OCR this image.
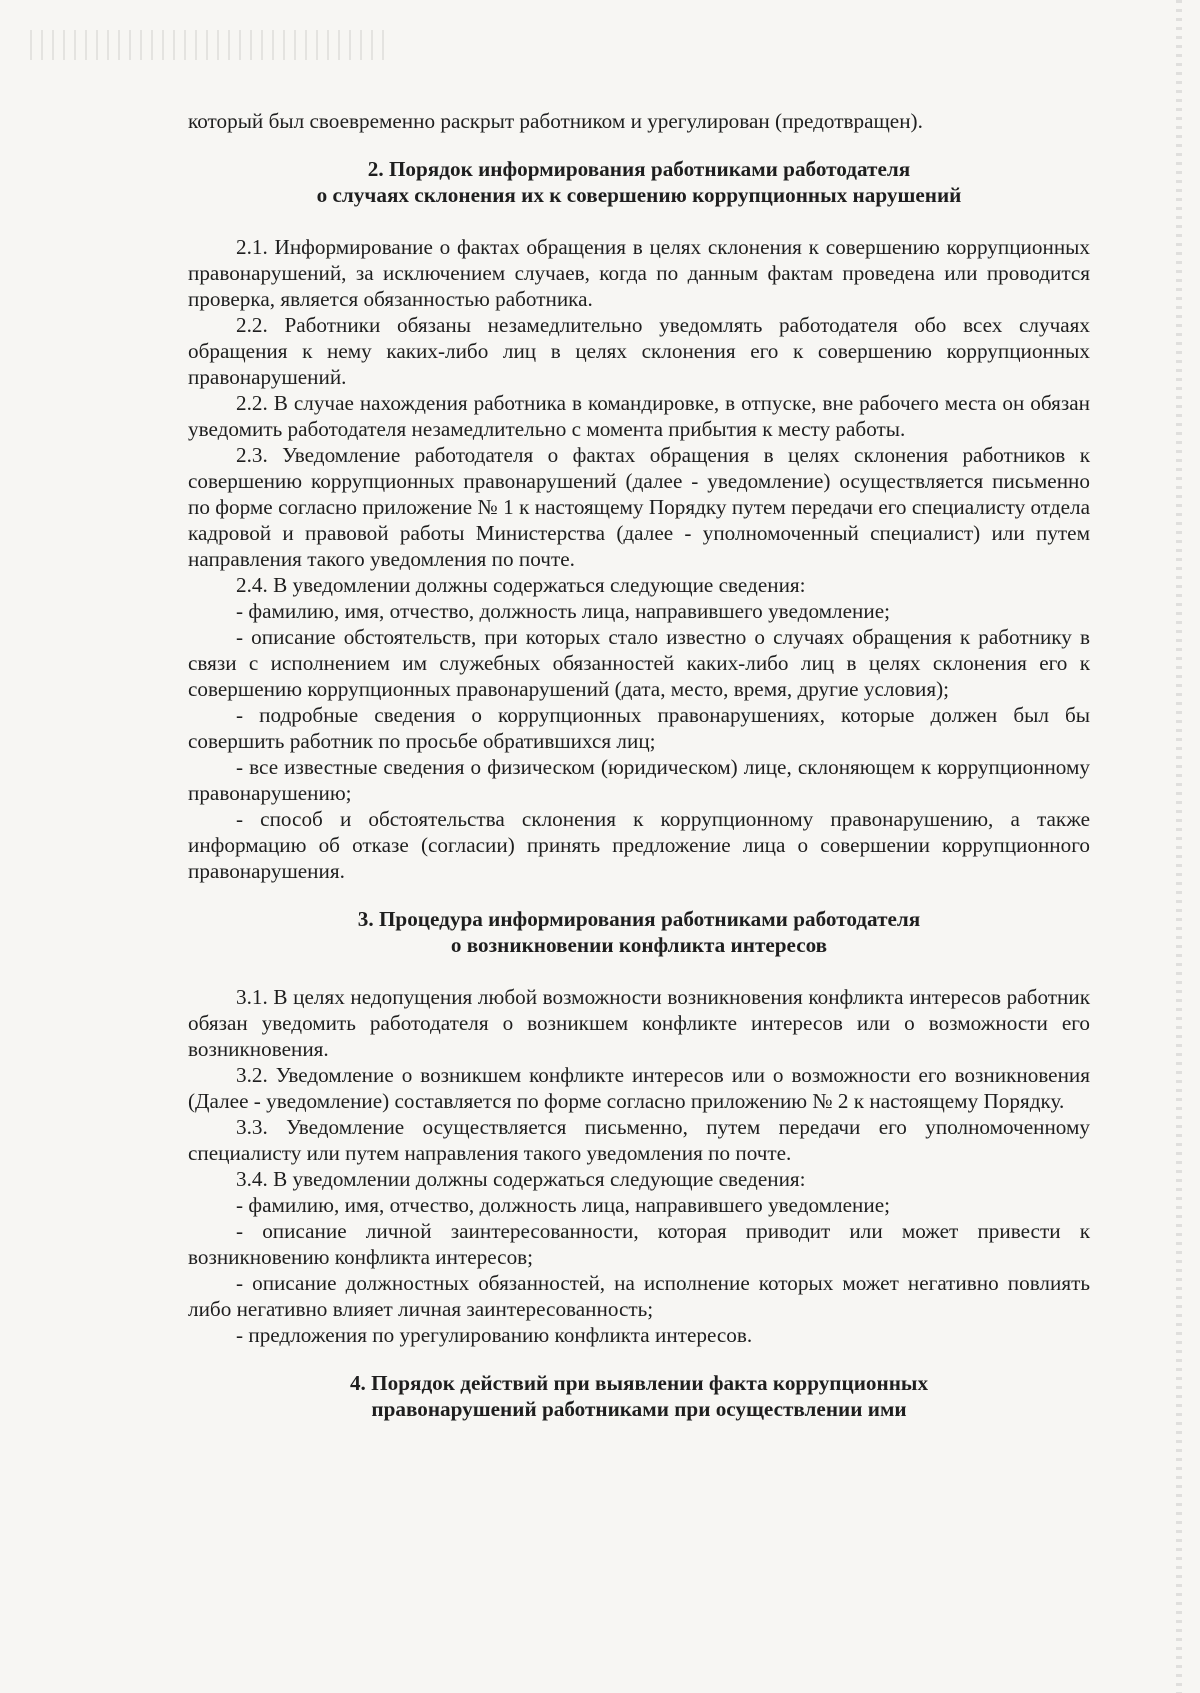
который был своевременно раскрыт работником и урегулирован (предотвращен).

2. Порядок информирования работниками работодателя

о случаях склонения их к совершению коррупционных нарушений

2.1. Информирование о фактах обращения в целях склонения к совершению коррупционных правонарушений, за исключением случаев, когда по данным фактам проведена или проводится проверка, является обязанностью работника.

2.2. Работники обязаны незамедлительно уведомлять работодателя обо всех случаях обращения к нему каких-либо лиц в целях склонения его к совершению коррупционных правонарушений.

2.2. В случае нахождения работника в командировке, в отпуске, вне рабочего места он обязан уведомить работодателя незамедлительно с момента прибытия к месту работы.

2.3. Уведомление работодателя о фактах обращения в целях склонения работников к совершению коррупционных правонарушений (далее - уведомление) осуществляется письменно по форме согласно приложение № 1 к настоящему Порядку путем передачи его специалисту отдела кадровой и правовой работы Министерства (далее - уполномоченный специалист) или путем направления такого уведомления по почте.

2.4. В уведомлении должны содержаться следующие сведения:

- фамилию, имя, отчество, должность лица, направившего уведомление;

- описание обстоятельств, при которых стало известно о случаях обращения к работнику в связи с исполнением им служебных обязанностей каких-либо лиц в целях склонения его к совершению коррупционных правонарушений (дата, место, время, другие условия);

- подробные сведения о коррупционных правонарушениях, которые должен был бы совершить работник по просьбе обратившихся лиц;

- все известные сведения о физическом (юридическом) лице, склоняющем к коррупционному правонарушению;

- способ и обстоятельства склонения к коррупционному правонарушению, а также информацию об отказе (согласии) принять предложение лица о совершении коррупционного правонарушения.

3. Процедура информирования работниками работодателя

о возникновении конфликта интересов

3.1. В целях недопущения любой возможности возникновения конфликта интересов работник обязан уведомить работодателя о возникшем конфликте интересов или о возможности его возникновения.

3.2. Уведомление о возникшем конфликте интересов или о возможности его возникновения (Далее - уведомление) составляется по форме согласно приложению № 2 к настоящему Порядку.

3.3. Уведомление осуществляется письменно, путем передачи его уполномоченному специалисту или путем направления такого уведомления по почте.

3.4. В уведомлении должны содержаться следующие сведения:

- фамилию, имя, отчество, должность лица, направившего уведомление;

- описание личной заинтересованности, которая приводит или может привести к возникновению конфликта интересов;

- описание должностных обязанностей, на исполнение которых может негативно повлиять либо негативно влияет личная заинтересованность;

- предложения по урегулированию конфликта интересов.

4. Порядок действий при выявлении факта коррупционных

правонарушений работниками при осуществлении ими
